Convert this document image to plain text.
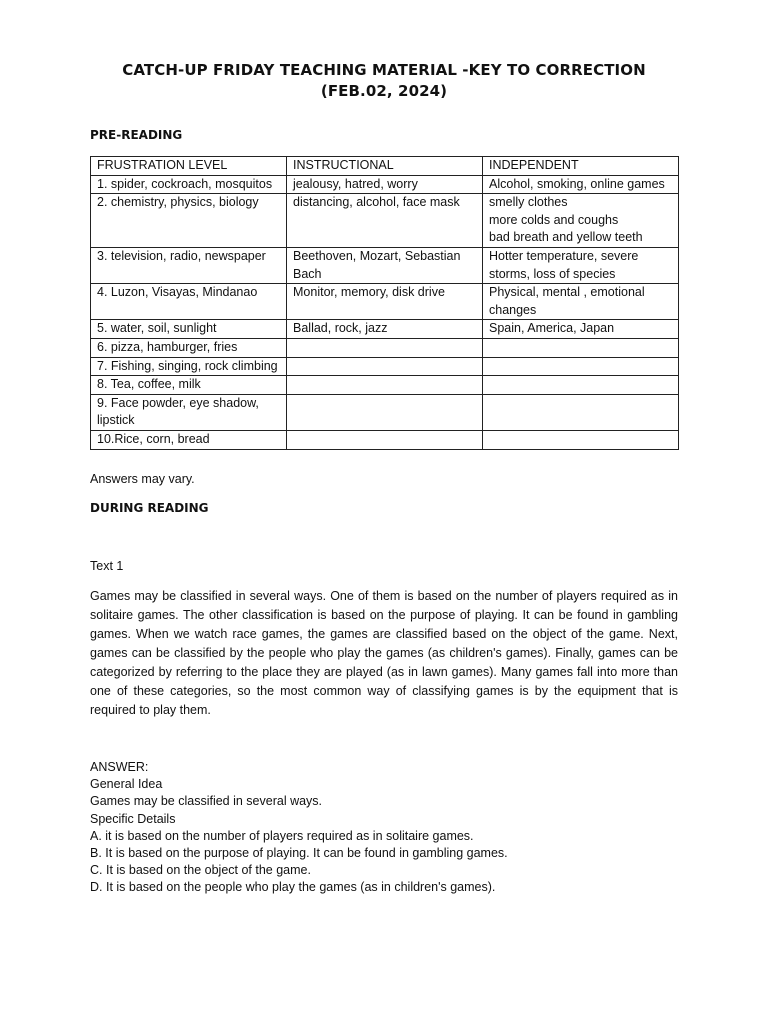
CATCH-UP FRIDAY TEACHING MATERIAL -KEY TO CORRECTION (FEB.02, 2024)
PRE-READING
FRUSTRATION LEVEL	INSTRUCTIONAL	INDEPENDENT
1. spider, cockroach, mosquitos	jealousy, hatred, worry	Alcohol, smoking, online games
2. chemistry, physics, biology	distancing, alcohol, face mask	smelly clothes
more colds and coughs
bad breath and yellow teeth
3. television, radio, newspaper	Beethoven, Mozart, Sebastian Bach	Hotter temperature, severe storms, loss of species
4. Luzon, Visayas, Mindanao	Monitor, memory, disk drive	Physical, mental , emotional changes
5. water, soil, sunlight	Ballad, rock, jazz	Spain, America, Japan
6. pizza, hamburger, fries		
7. Fishing, singing, rock climbing		
8. Tea, coffee, milk		
9. Face powder, eye shadow, lipstick		
10.Rice, corn, bread		
Answers may vary.
DURING READING
Text 1
Games may be classified in several ways. One of them is based on the number of players required as in solitaire games. The other classification is based on the purpose of playing. It can be found in gambling games. When we watch race games, the games are classified based on the object of the game. Next, games can be classified by the people who play the games (as children's games). Finally, games can be categorized by referring to the place they are played (as in lawn games). Many games fall into more than one of these categories, so the most common way of classifying games is by the equipment that is required to play them.
ANSWER:
General Idea
Games may be classified in several ways.
Specific Details
A. it is based on the number of players required as in solitaire games.
B. It is based on the purpose of playing. It can be found in gambling games.
C. It is based on the object of the game.
D. It is based on the people who play the games (as in children's games).
